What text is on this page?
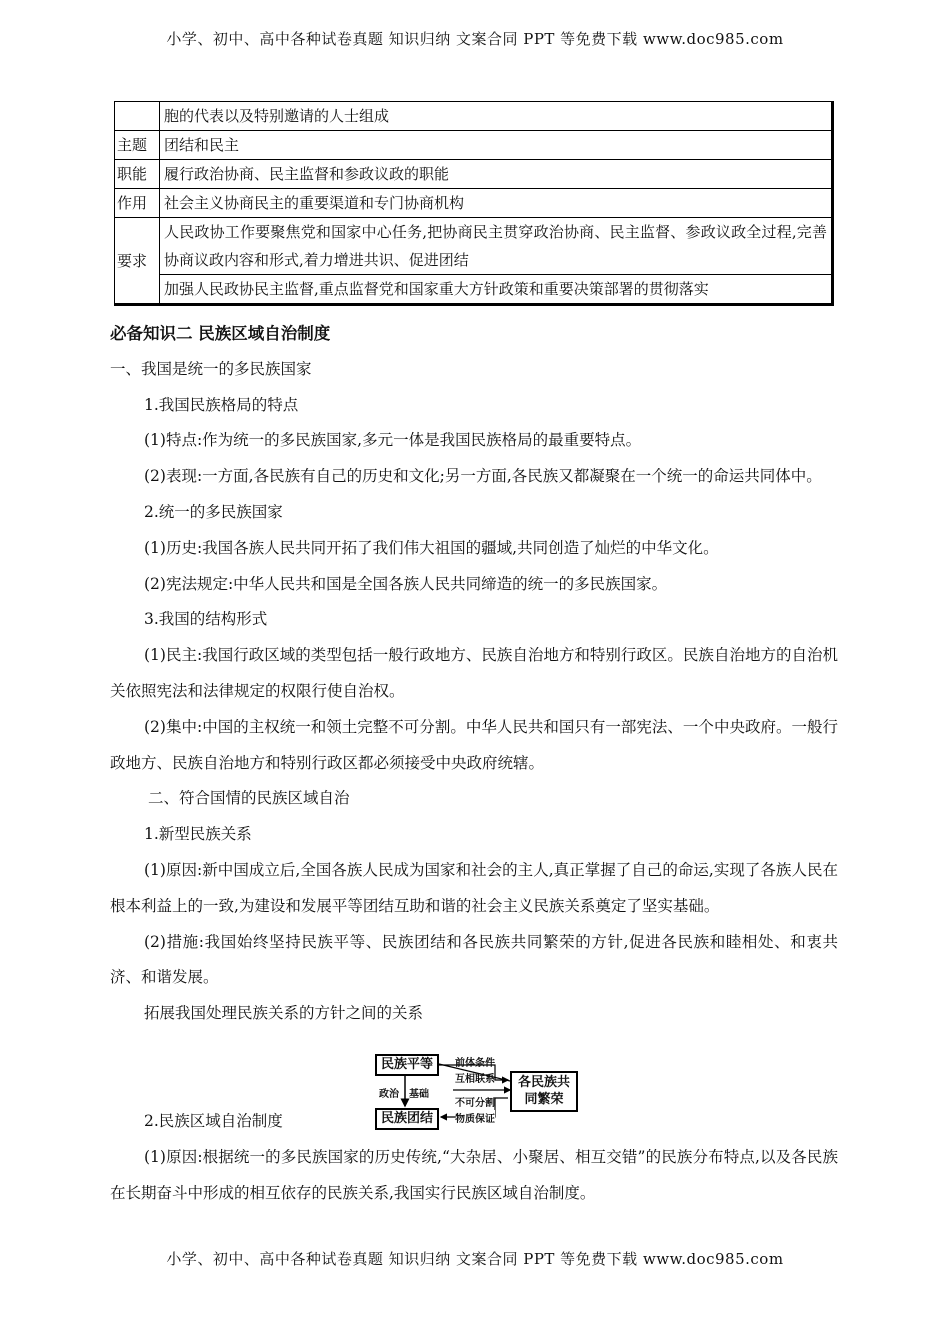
小学、初中、高中各种试卷真题 知识归纳 文案合同 PPT 等免费下载 www.doc985.com
	胞的代表以及特别邀请的人士组成
主题	团结和民主
职能	履行政治协商、民主监督和参政议政的职能
作用	社会主义协商民主的重要渠道和专门协商机构
要求	人民政协工作要聚焦党和国家中心任务,把协商民主贯穿政治协商、民主监督、参政议政全过程,完善协商议政内容和形式,着力增进共识、促进团结
	加强人民政协民主监督,重点监督党和国家重大方针政策和重要决策部署的贯彻落实

必备知识二 民族区域自治制度

一、我国是统一的多民族国家

1.我国民族格局的特点

(1)特点:作为统一的多民族国家,多元一体是我国民族格局的最重要特点。

(2)表现:一方面,各民族有自己的历史和文化;另一方面,各民族又都凝聚在一个统一的命运共同体中。

2.统一的多民族国家

(1)历史:我国各族人民共同开拓了我们伟大祖国的疆域,共同创造了灿烂的中华文化。

(2)宪法规定:中华人民共和国是全国各族人民共同缔造的统一的多民族国家。

3.我国的结构形式

(1)民主:我国行政区域的类型包括一般行政地方、民族自治地方和特别行政区。民族自治地方的自治机关依照宪法和法律规定的权限行使自治权。

(2)集中:中国的主权统一和领土完整不可分割。中华人民共和国只有一部宪法、一个中央政府。一般行政地方、民族自治地方和特别行政区都必须接受中央政府统辖。

二、符合国情的民族区域自治

1.新型民族关系

(1)原因:新中国成立后,全国各族人民成为国家和社会的主人,真正掌握了自己的命运,实现了各族人民在根本利益上的一致,为建设和发展平等团结互助和谐的社会主义民族关系奠定了坚实基础。

(2)措施:我国始终坚持民族平等、民族团结和各民族共同繁荣的方针,促进各民族和睦相处、和衷共济、和谐发展。

拓展我国处理民族关系的方针之间的关系

2.民族区域自治制度

(1)原因:根据统一的多民族国家的历史传统,“大杂居、小聚居、相互交错”的民族分布特点,以及各民族在长期奋斗中形成的相互依存的民族关系,我国实行民族区域自治制度。

民族平等
民族团结
各民族共
同繁荣
政治 基础
前体条件
互相联系
不可分割
物质保证
小学、初中、高中各种试卷真题 知识归纳 文案合同 PPT 等免费下载 www.doc985.com
